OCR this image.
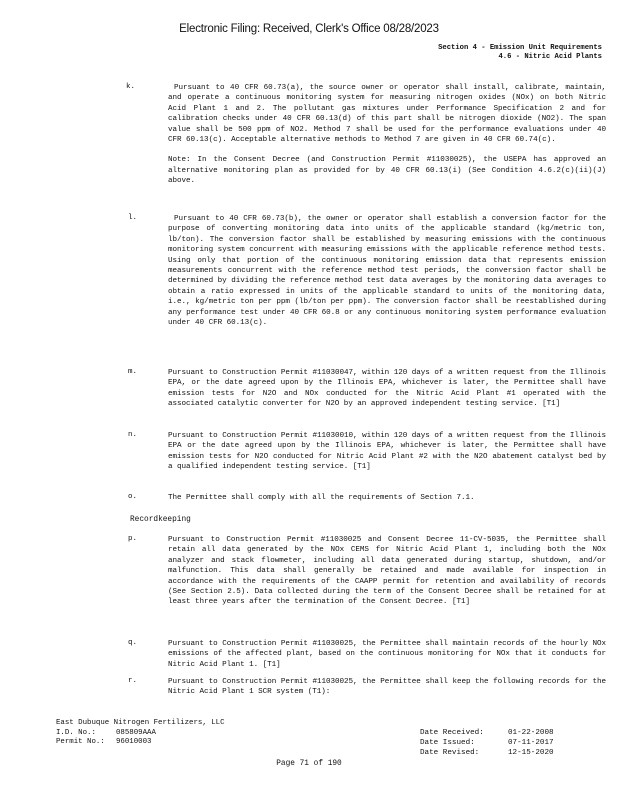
Electronic Filing: Received, Clerk's Office 08/28/2023
Section 4 - Emission Unit Requirements
4.6 - Nitric Acid Plants
k.	Pursuant to 40 CFR 60.73(a), the source owner or operator shall install, calibrate, maintain, and operate a continuous monitoring system for measuring nitrogen oxides (NOx) on both Nitric Acid Plant 1 and 2. The pollutant gas mixtures under Performance Specification 2 and for calibration checks under 40 CFR 60.13(d) of this part shall be nitrogen dioxide (NO2). The span value shall be 500 ppm of NO2. Method 7 shall be used for the performance evaluations under 40 CFR 60.13(c). Acceptable alternative methods to Method 7 are given in 40 CFR 60.74(c).

Note: In the Consent Decree (and Construction Permit #11030025), the USEPA has approved an alternative monitoring plan as provided for by 40 CFR 60.13(i) (See Condition 4.6.2(c)(ii)(J) above.

l.	Pursuant to 40 CFR 60.73(b), the owner or operator shall establish a conversion factor for the purpose of converting monitoring data into units of the applicable standard (kg/metric ton, lb/ton). The conversion factor shall be established by measuring emissions with the continuous monitoring system concurrent with measuring emissions with the applicable reference method tests. Using only that portion of the continuous monitoring emission data that represents emission measurements concurrent with the reference method test periods, the conversion factor shall be determined by dividing the reference method test data averages by the monitoring data averages to obtain a ratio expressed in units of the applicable standard to units of the monitoring data, i.e., kg/metric ton per ppm (lb/ton per ppm). The conversion factor shall be reestablished during any performance test under 40 CFR 60.8 or any continuous monitoring system performance evaluation under 40 CFR 60.13(c).

m.	Pursuant to Construction Permit #11030047, within 120 days of a written request from the Illinois EPA, or the date agreed upon by the Illinois EPA, whichever is later, the Permittee shall have emission tests for N2O and NOx conducted for the Nitric Acid Plant #1 operated with the associated catalytic converter for N2O by an approved independent testing service. [T1]

n.	Pursuant to Construction Permit #11030010, within 120 days of a written request from the Illinois EPA or the date agreed upon by the Illinois EPA, whichever is later, the Permittee shall have emission tests for N2O conducted for Nitric Acid Plant #2 with the N2O abatement catalyst bed by a qualified independent testing service. [T1]

o.	The Permittee shall comply with all the requirements of Section 7.1.

Recordkeeping
p.	Pursuant to Construction Permit #11030025 and Consent Decree 11-CV-5035, the Permittee shall retain all data generated by the NOx CEMS for Nitric Acid Plant 1, including both the NOx analyzer and stack flowmeter, including all data generated during startup, shutdown, and/or malfunction. This data shall generally be retained and made available for inspection in accordance with the requirements of the CAAPP permit for retention and availability of records (See Section 2.5). Data collected during the term of the Consent Decree shall be retained for at least three years after the termination of the Consent Decree. [T1]

q.	Pursuant to Construction Permit #11030025, the Permittee shall maintain records of the hourly NOx emissions of the affected plant, based on the continuous monitoring for NOx that it conducts for Nitric Acid Plant 1. [T1]

r.	Pursuant to Construction Permit #11030025, the Permittee shall keep the following records for the Nitric Acid Plant 1 SCR system (T1):

East Dubuque Nitrogen Fertilizers, LLC
I.D. No.:	085809AAA
Permit No.:	96010003
Date Received:	01-22-2008
Date Issued:	07-11-2017
Date Revised:	12-15-2020
Page 71 of 190
